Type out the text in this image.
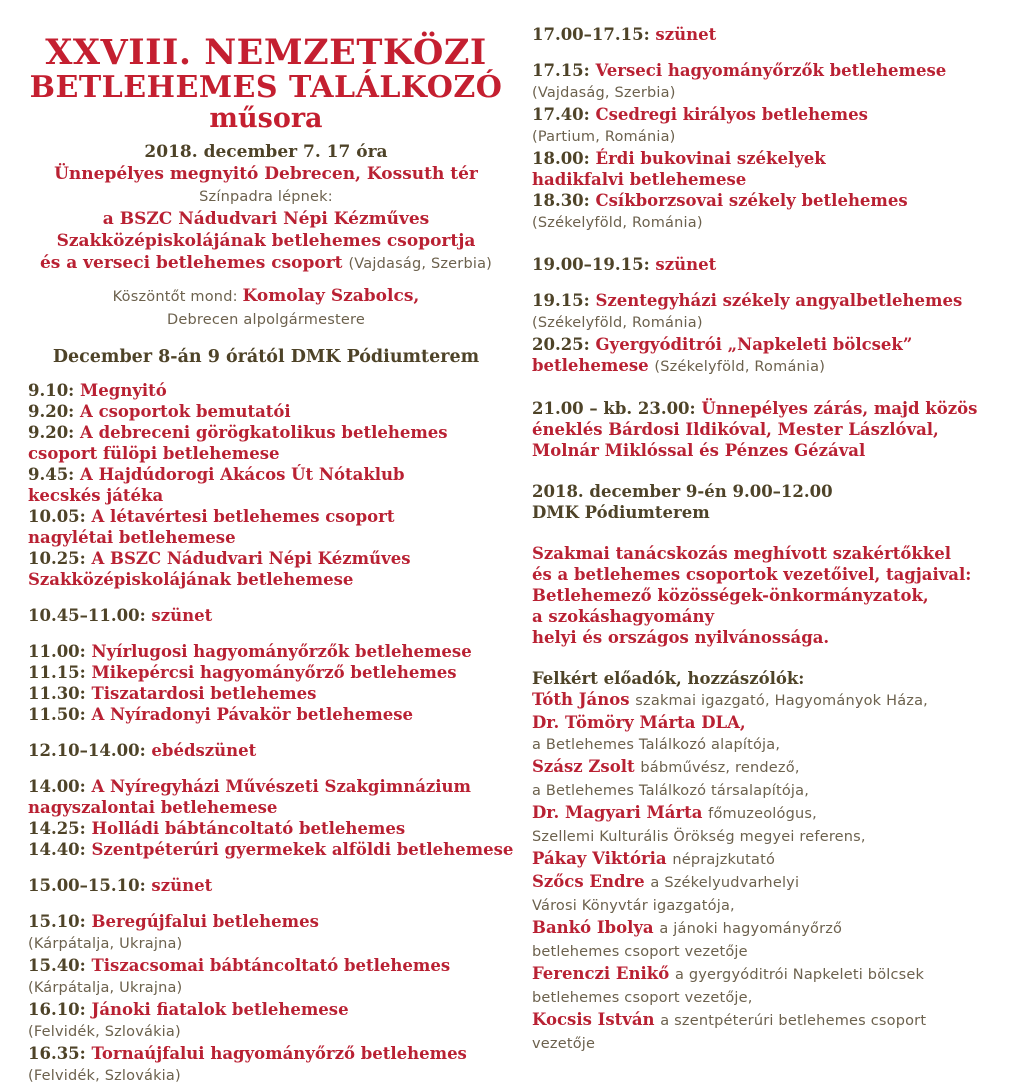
XXVIII. NEMZETKÖZI

BETLEHEMES TALÁLKOZÓ

műsora

2018. december 7. 17 óra

Ünnepélyes megnyitó Debrecen, Kossuth tér

Színpadra lépnek:

a BSZC Nádudvari Népi Kézműves

Szakközépiskolájának betlehemes csoportja

és a verseci betlehemes csoport (Vajdaság, Szerbia)

Köszöntőt mond: Komolay Szabolcs,

Debrecen alpolgármestere

December 8-án 9 órától DMK Pódiumterem

9.10: Megnyitó

9.20: A csoportok bemutatói

9.20: A debreceni görögkatolikus betlehemes

csoport fülöpi betlehemese

9.45: A Hajdúdorogi Akácos Út Nótaklub

kecskés játéka

10.05: A létavértesi betlehemes csoport

nagylétai betlehemese

10.25: A BSZC Nádudvari Népi Kézműves

Szakközépiskolájának betlehemese

10.45–11.00: szünet

11.00: Nyírlugosi hagyományőrzők betlehemese

11.15: Mikepércsi hagyományőrző betlehemes

11.30: Tiszatardosi betlehemes

11.50: A Nyíradonyi Pávakör betlehemese

12.10–14.00: ebédszünet

14.00: A Nyíregyházi Művészeti Szakgimnázium

nagyszalontai betlehemese

14.25: Holládi bábtáncoltató betlehemes

14.40: Szentpéterúri gyermekek alföldi betlehemese

15.00–15.10: szünet

15.10: Beregújfalui betlehemes

(Kárpátalja, Ukrajna)

15.40: Tiszacsomai bábtáncoltató betlehemes

(Kárpátalja, Ukrajna)

16.10: Jánoki fiatalok betlehemese

(Felvidék, Szlovákia)

16.35: Tornaújfalui hagyományőrző betlehemes

(Felvidék, Szlovákia)

17.00–17.15: szünet

17.15: Verseci hagyományőrzők betlehemese

(Vajdaság, Szerbia)

17.40: Csedregi királyos betlehemes

(Partium, Románia)

18.00: Érdi bukovinai székelyek

hadikfalvi betlehemese

18.30: Csíkborzsovai székely betlehemes

(Székelyföld, Románia)

19.00–19.15: szünet

19.15: Szentegyházi székely angyalbetlehemes

(Székelyföld, Románia)

20.25: Gyergyóditrói „Napkeleti bölcsek”

betlehemese (Székelyföld, Románia)

21.00 – kb. 23.00: Ünnepélyes zárás, majd közös

éneklés Bárdosi Ildikóval, Mester Lászlóval,

Molnár Miklóssal és Pénzes Gézával

2018. december 9-én 9.00–12.00

DMK Pódiumterem

Szakmai tanácskozás meghívott szakértőkkel

és a betlehemes csoportok vezetőivel, tagjaival:

Betlehemező közösségek-önkormányzatok,

a szokáshagyomány

helyi és országos nyilvánossága.

Felkért előadók, hozzászólók:

Tóth János szakmai igazgató, Hagyományok Háza,

Dr. Tömöry Márta DLA,

a Betlehemes Találkozó alapítója,

Szász Zsolt bábművész, rendező,

a Betlehemes Találkozó társalapítója,

Dr. Magyari Márta főmuzeológus,

Szellemi Kulturális Örökség megyei referens,

Pákay Viktória néprajzkutató

Szőcs Endre a Székelyudvarhelyi

Városi Könyvtár igazgatója,

Bankó Ibolya a jánoki hagyományőrző

betlehemes csoport vezetője

Ferenczi Enikő a gyergyóditrói Napkeleti bölcsek

betlehemes csoport vezetője,

Kocsis István a szentpéterúri betlehemes csoport

vezetője
